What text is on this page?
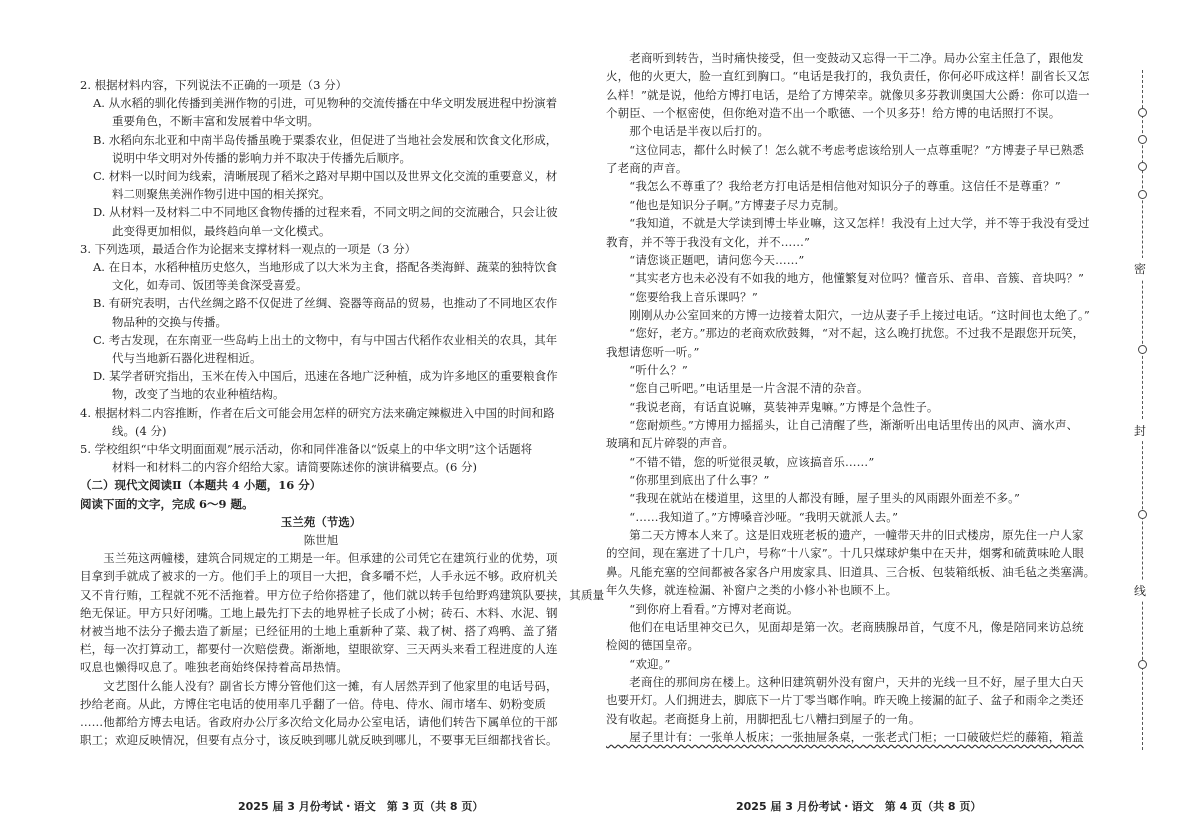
2. 根据材料内容，下列说法不正确的一项是（3 分）
A. 从水稻的驯化传播到美洲作物的引进，可见物种的交流传播在中华文明发展进程中扮演着
重要角色，不断丰富和发展着中华文明。
B. 水稻向东北亚和中南半岛传播虽晚于粟黍农业，但促进了当地社会发展和饮食文化形成，
说明中华文明对外传播的影响力并不取决于传播先后顺序。
C. 材料一以时间为线索，清晰展现了稻米之路对早期中国以及世界文化交流的重要意义，材
料二则聚焦美洲作物引进中国的相关探究。
D. 从材料一及材料二中不同地区食物传播的过程来看，不同文明之间的交流融合，只会让彼
此变得更加相似，最终趋向单一文化模式。
3. 下列选项，最适合作为论据来支撑材料一观点的一项是（3 分）
A. 在日本，水稻种植历史悠久，当地形成了以大米为主食，搭配各类海鲜、蔬菜的独特饮食
文化，如寿司、饭团等美食深受喜爱。
B. 有研究表明，古代丝绸之路不仅促进了丝绸、瓷器等商品的贸易，也推动了不同地区农作
物品种的交换与传播。
C. 考古发现，在东南亚一些岛屿上出土的文物中，有与中国古代稻作农业相关的农具，其年
代与当地新石器化进程相近。
D. 某学者研究指出，玉米在传入中国后，迅速在各地广泛种植，成为许多地区的重要粮食作
物，改变了当地的农业种植结构。
4. 根据材料二内容推断，作者在后文可能会用怎样的研究方法来确定辣椒进入中国的时间和路
线。(4 分)
5. 学校组织“中华文明面面观”展示活动，你和同伴准备以“饭桌上的中华文明”这个话题将
材料一和材料二的内容介绍给大家。请简要陈述你的演讲稿要点。(6 分)
（二）现代文阅读Ⅱ（本题共 4 小题，16 分）
阅读下面的文字，完成 6～9 题。
玉兰苑（节选）
陈世旭
　　玉兰苑这两幢楼，建筑合同规定的工期是一年。但承建的公司凭它在建筑行业的优势，项
目拿到手就成了被求的一方。他们手上的项目一大把，食多嚼不烂，人手永远不够。政府机关
又不肯行贿，工程就不死不活拖着。甲方位子给你搭建了，他们就以转手包给野鸡建筑队要挟，其质量
绝无保证。甲方只好闭嘴。工地上最先打下去的地界桩子长成了小树；砖石、木料、水泥、钢
材被当地不法分子搬去造了新屋；已经征用的土地上重新种了菜、栽了树、搭了鸡鸭、盖了猪
栏，每一次打算动工，都要付一次赔偿费。渐渐地，望眼欲穿、三天两头来看工程进度的人连
叹息也懒得叹息了。唯独老商始终保持着高昂热情。
　　文艺图什么能人没有？副省长方博分管他们这一摊，有人居然弄到了他家里的电话号码，
抄给老商。从此，方博住宅电话的使用率几乎翻了一倍。侍电、侍水、闹市堵车、奶粉变质
……他都给方博去电话。省政府办公厅多次给文化局办公室电话，请他们转告下属单位的干部
职工；欢迎反映情况，但要有点分寸，该反映到哪儿就反映到哪儿，不要事无巨细都找省长。
　　老商听到转告，当时痛快接受，但一变鼓动又忘得一干二净。局办公室主任急了，跟他发
火，他的火更大，脸一直红到胸口。“电话是我打的，我负责任，你何必吓成这样！副省长又怎
么样！”就是说，他给方博打电话，是给了方博荣幸。就像贝多芬教训奥国大公爵：你可以造一
个朝臣、一个枢密使，但你绝对造不出一个歌德、一个贝多芬！给方博的电话照打不误。
　　那个电话是半夜以后打的。
　　“这位同志，都什么时候了！怎么就不考虑考虑该给别人一点尊重呢？”方博妻子早已熟悉
了老商的声音。
　　“我怎么不尊重了？我给老方打电话是相信他对知识分子的尊重。这信任不是尊重？”
　　“他也是知识分子啊。”方博妻子尽力克制。
　　“我知道，不就是大学读到博士毕业嘛，这又怎样！我没有上过大学，并不等于我没有受过
教育，并不等于我没有文化，并不……”
　　“请您谈正题吧，请问您今天……”
　　“其实老方也未必没有不如我的地方，他懂繁复对位吗？懂音乐、音串、音簇、音块吗？”
　　“您要给我上音乐课吗？”
　　刚刚从办公室回来的方博一边接着太阳穴，一边从妻子手上接过电话。“这时间也太绝了。”
　　“您好，老方。”那边的老商欢欣鼓舞，“对不起，这么晚打扰您。不过我不是跟您开玩笑，
我想请您听一听。”
　　“听什么？”
　　“您自己听吧。”电话里是一片含混不清的杂音。
　　“我说老商，有话直说嘛，莫装神弄鬼嘛。”方博是个急性子。
　　“您耐烦些。”方博用力摇摇头，让自己清醒了些，渐渐听出电话里传出的风声、滴水声、
玻璃和瓦片碎裂的声音。
　　“不错不错，您的听觉很灵敏，应该搞音乐……”
　　“你那里到底出了什么事？”
　　“我现在就站在楼道里，这里的人都没有睡，屋子里头的风雨跟外面差不多。”
　　“……我知道了。”方博嗓音沙哑。“我明天就派人去。”
　　第二天方博本人来了。这是旧戏班老板的遗产，一幢带天井的旧式楼房，原先住一户人家
的空间，现在塞进了十几户，号称“十八家”。十几只煤球炉集中在天井，烟雾和硫黄味呛人眼
鼻。凡能充塞的空间都被各家各户用废家具、旧道具、三合板、包装箱纸板、油毛毡之类塞满。
年久失修，就连检漏、补窗户之类的小修小补也顾不上。
　　“到你府上看看。”方博对老商说。
　　他们在电话里神交已久，见面却是第一次。老商胰腺昂首，气度不凡，像是陪同来访总统
检阅的德国皇帝。
　　“欢迎。”
　　老商住的那间房在楼上。这种旧建筑朝外没有窗户，天井的光线一旦不好，屋子里大白天
也要开灯。人们拥进去，脚底下一片丁零当啷作响。昨天晚上接漏的缸子、盆子和雨伞之类还
没有收起。老商挺身上前，用脚把乱七八糟扫到屋子的一角。
　　屋子里计有：一张单人板床；一张抽屉条桌，一张老式门柜；一口破破烂烂的藤箱，箱盖
2025 届 3 月份考试・语文　第 3 页（共 8 页）	2025 届 3 月份考试・语文　第 4 页（共 8 页）
密
封
线
